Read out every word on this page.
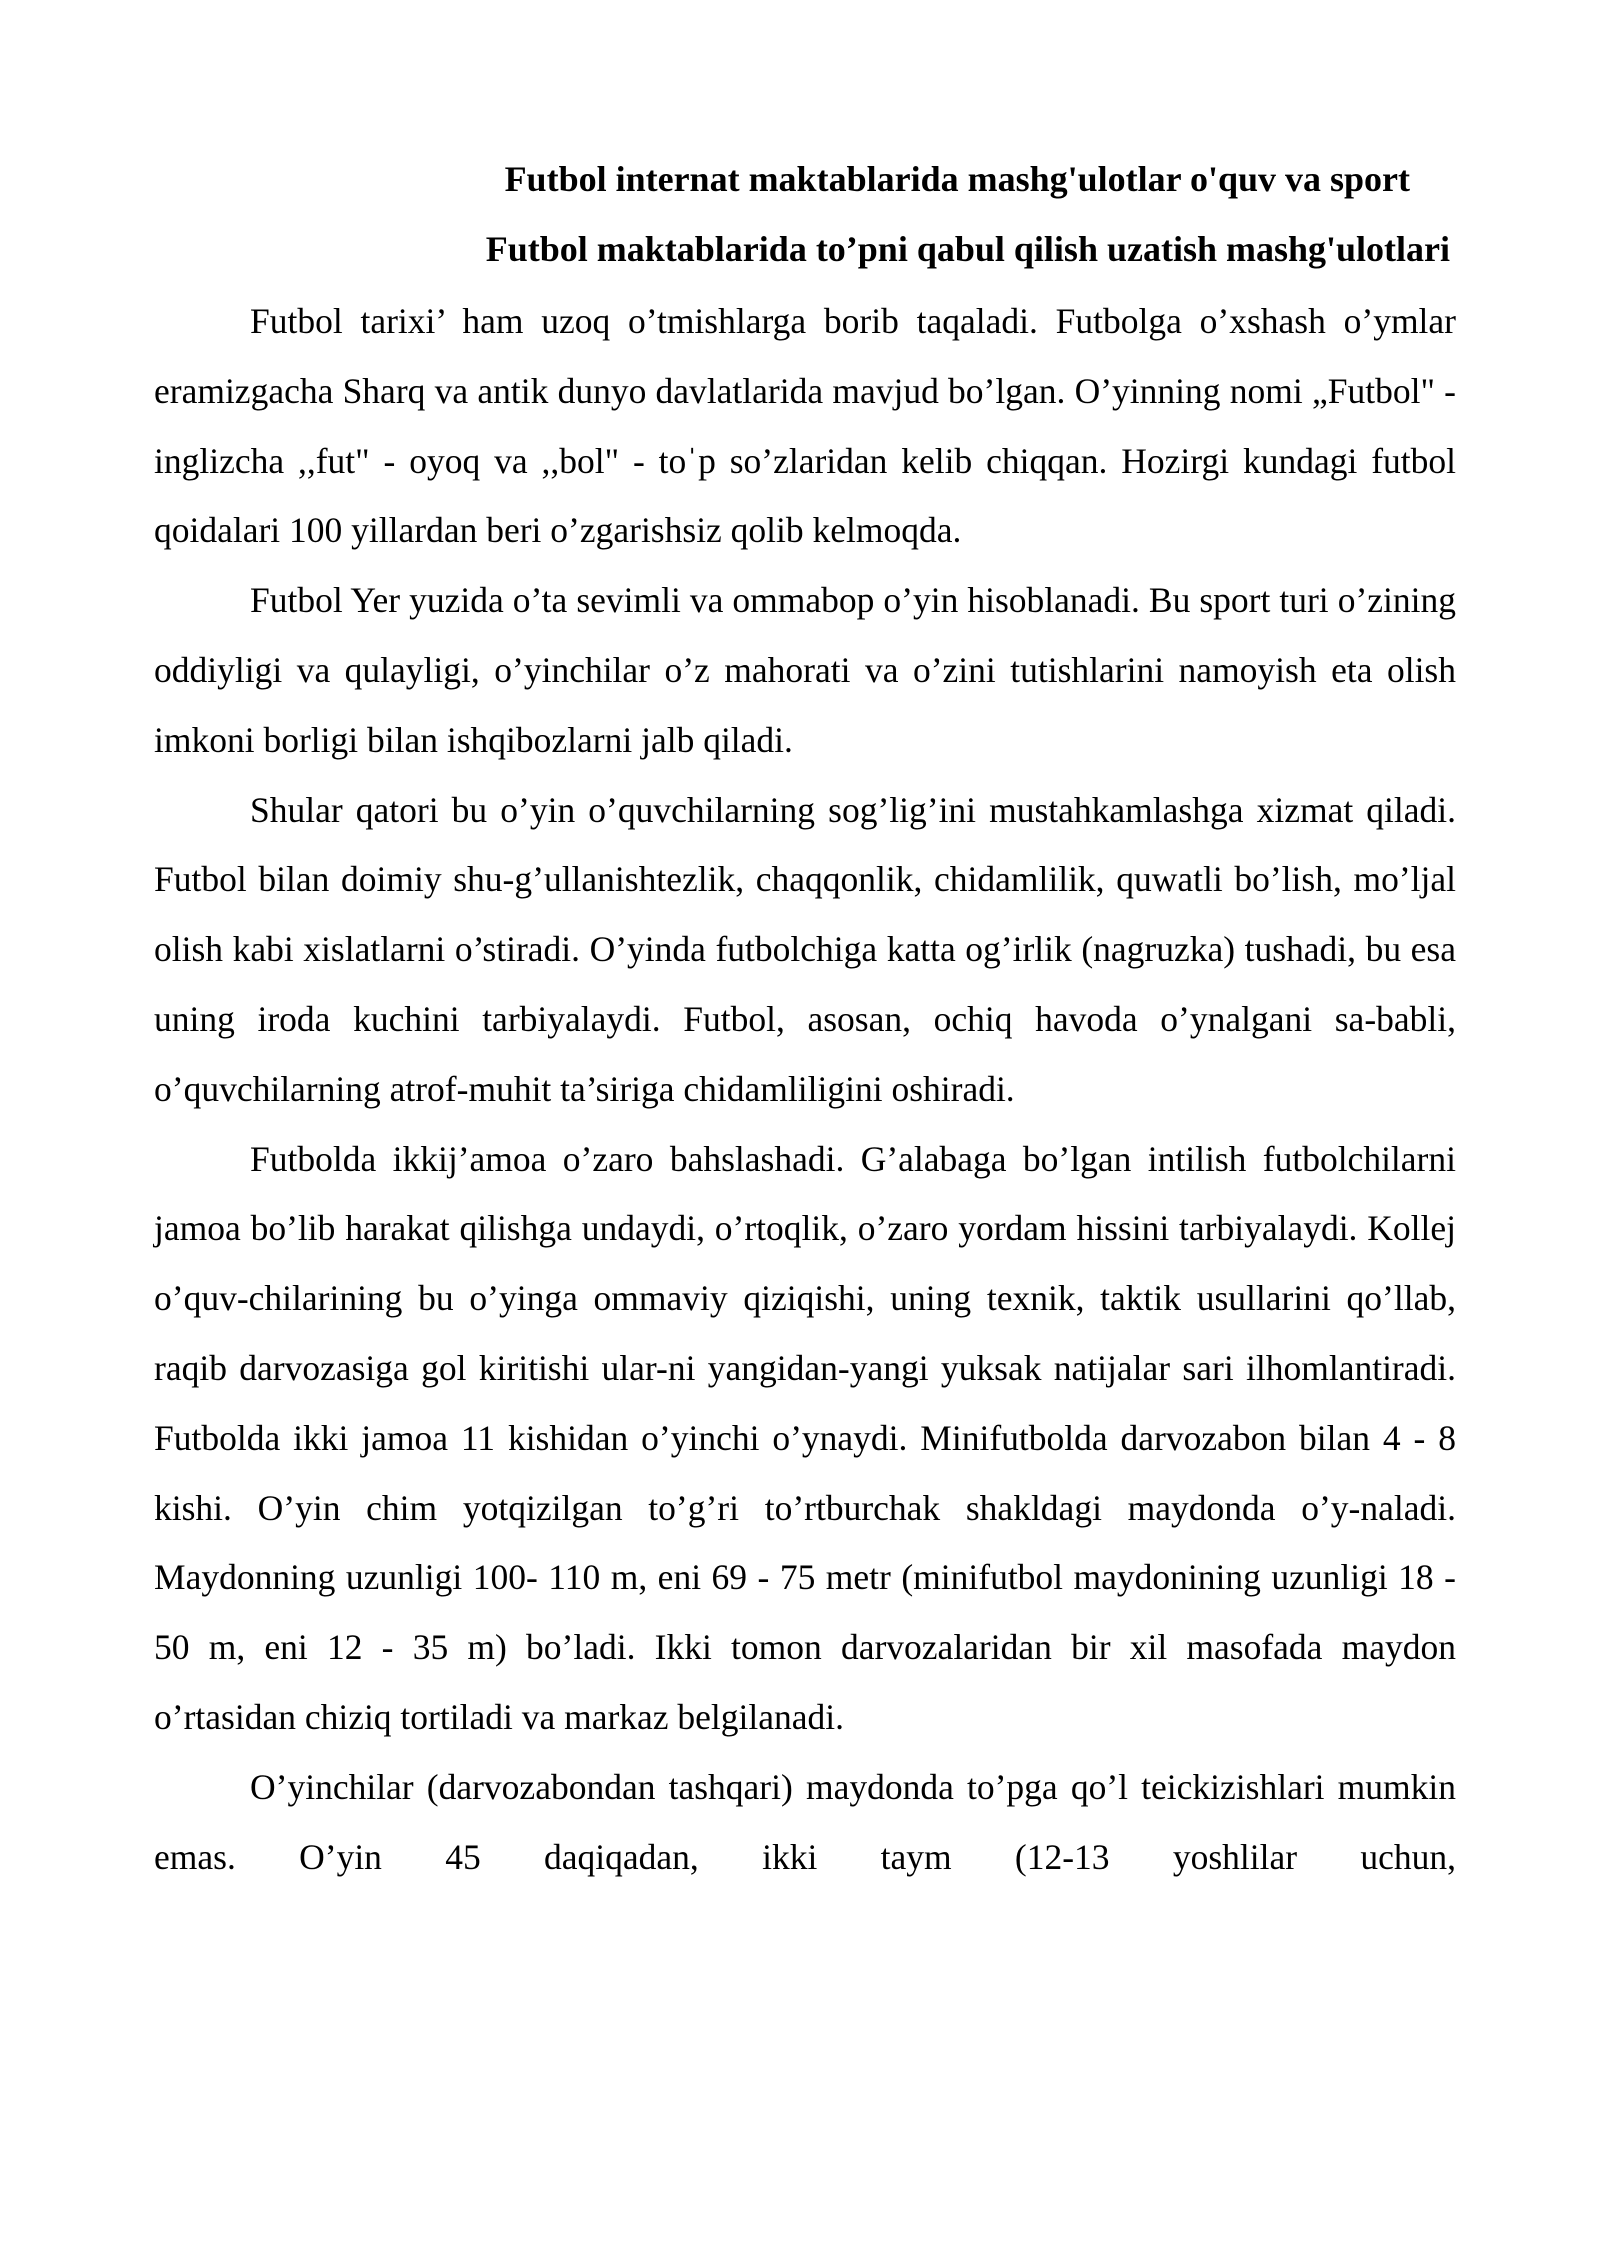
Futbol internat maktablarida mashg'ulotlar o'quv va sport
Futbol maktablarida to’pni qabul qilish uzatish mashg'ulotlari

Futbol tarixi’ ham uzoq o’tmishlarga borib taqaladi. Futbolga o’xshash o’ymlar eramizgacha Sharq va antik dunyo davlatlarida mavjud bo’lgan. O’yinning nomi „Futbol" - inglizcha ,,fut" - oyoq va ,,bol" - toˈp so’zlaridan kelib chiqqan. Hozirgi kundagi futbol qoidalari 100 yillardan beri o’zgarishsiz qolib kelmoqda.

Futbol Yer yuzida o’ta sevimli va ommabop o’yin hisoblanadi. Bu sport turi o’zining oddiyligi va qulayligi, o’yinchilar o’z mahorati va o’zini tutishlarini namoyish eta olish imkoni borligi bilan ishqibozlarni jalb qiladi.

Shular qatori bu o’yin o’quvchilarning sog’lig’ini mustahkamlashga xizmat qiladi. Futbol bilan doimiy shu-g’ullanishtezlik, chaqqonlik, chidamlilik, quwatli bo’lish, mo’ljal olish kabi xislatlarni o’stiradi. O’yinda futbolchiga katta og’irlik (nagruzka) tushadi, bu esa uning iroda kuchini tarbiyalaydi. Futbol, asosan, ochiq havoda o’ynalgani sa-babli, o’quvchilarning atrof-muhit ta’siriga chidamliligini oshiradi.

Futbolda ikkij’amoa o’zaro bahslashadi. G’alabaga bo’lgan intilish futbolchilarni jamoa bo’lib harakat qilishga undaydi, o’rtoqlik, o’zaro yordam hissini tarbiyalaydi. Kollej o’quv-chilarining bu o’yinga ommaviy qiziqishi, uning texnik, taktik usullarini qo’llab, raqib darvozasiga gol kiritishi ular-ni yangidan-yangi yuksak natijalar sari ilhomlantiradi. Futbolda ikki jamoa 11 kishidan o’yinchi o’ynaydi. Minifutbolda darvozabon bilan 4 - 8 kishi. O’yin chim yotqizilgan to’g’ri to’rtburchak shakldagi maydonda o’y-naladi. Maydonning uzunligi 100- 110 m, eni 69 - 75 metr (minifutbol maydonining uzunligi 18 - 50 m, eni 12 - 35 m) bo’ladi. Ikki tomon darvozalaridan bir xil masofada maydon o’rtasidan chiziq tortiladi va markaz belgilanadi.

O’yinchilar (darvozabondan tashqari) maydonda to’pga qo’l teickizishlari mumkin emas. O’yin 45 daqiqadan, ikki taym (12-13 yoshlilar uchun,
